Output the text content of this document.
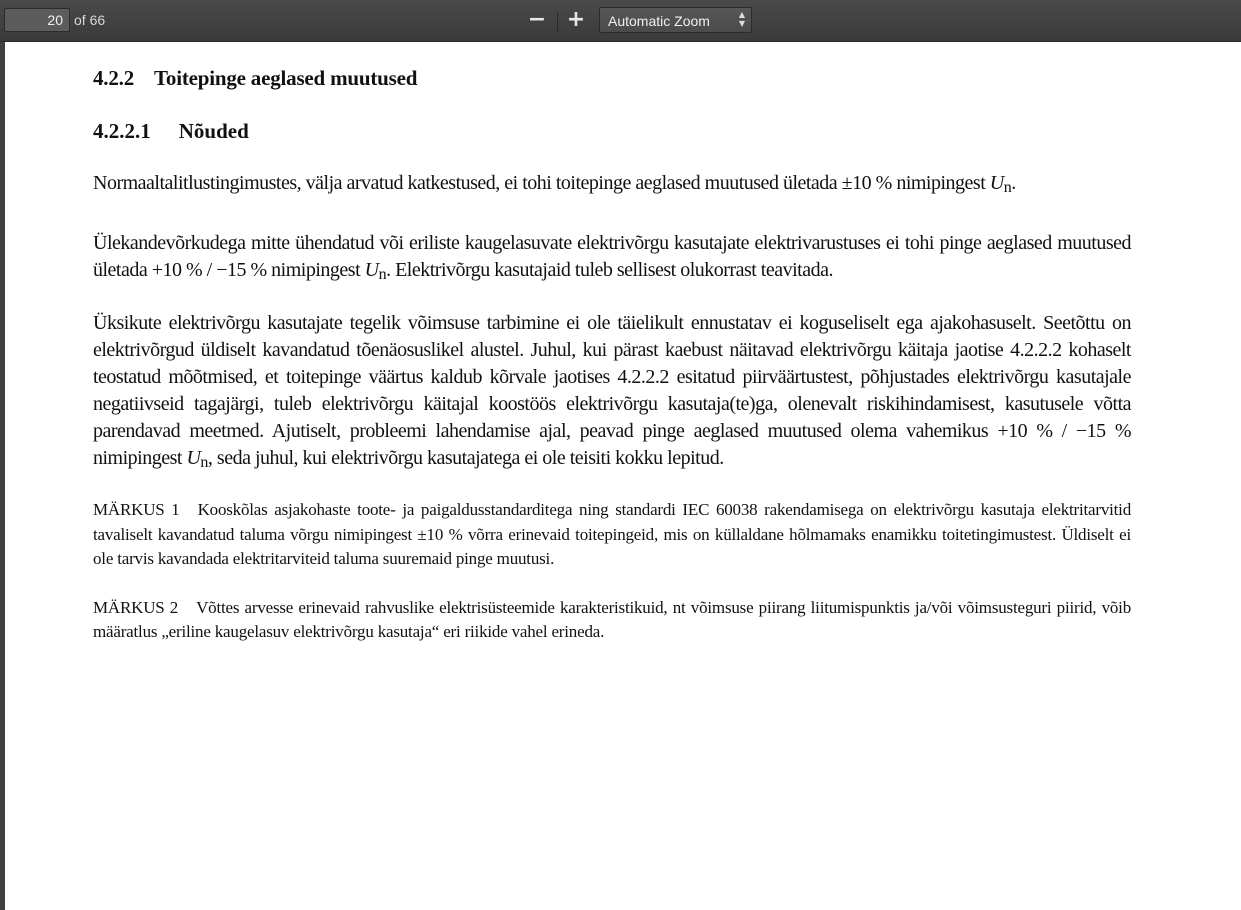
20 of 66	− +	Automatic Zoom	▲
▼
4.2.2 Toitepinge aeglased muutused
4.2.2.1 Nõuded

Normaaltalitlustingimustes, välja arvatud katkestused, ei tohi toitepinge aeglased muutused ületada ±10 % nimipingest $U_n$.

Ülekandevõrkudega mitte ühendatud või eriliste kaugelasuvate elektrivõrgu kasutajate elektrivarustuses ei tohi pinge aeglased muutused ületada +10 % / −15 % nimipingest $U_n$. Elektrivõrgu kasutajaid tuleb sellisest olukorrast teavitada.

Üksikute elektrivõrgu kasutajate tegelik võimsuse tarbimine ei ole täielikult ennustatav ei koguseliselt ega ajakohasuselt. Seetõttu on elektrivõrgud üldiselt kavandatud tõenäosuslikel alustel. Juhul, kui pärast kaebust näitavad elektrivõrgu käitaja jaotise 4.2.2.2 kohaselt teostatud mõõtmised, et toitepinge väärtus kaldub kõrvale jaotises 4.2.2.2 esitatud piirväärtustest, põhjustades elektrivõrgu kasutajale negatiivseid tagajärgi, tuleb elektrivõrgu käitajal koostöös elektrivõrgu kasutaja(te)ga, olenevalt riskihindamisest, kasutusele võtta parendavad meetmed. Ajutiselt, probleemi lahendamise ajal, peavad pinge aeglased muutused olema vahemikus +10 % / −15 % nimipingest $U_n$, seda juhul, kui elektrivõrgu kasutajatega ei ole teisiti kokku lepitud.

MÄRKUS 1 Kooskõlas asjakohaste toote- ja paigaldusstandarditega ning standardi IEC 60038 rakendamisega on elektrivõrgu kasutaja elektritarvitid tavaliselt kavandatud taluma võrgu nimipingest ±10 % võrra erinevaid toitepingeid, mis on küllaldane hõlmamaks enamikku toitetingimustest. Üldiselt ei ole tarvis kavandada elektritarviteid taluma suuremaid pinge muutusi.

MÄRKUS 2 Võttes arvesse erinevaid rahvuslike elektrisüsteemide karakteristikuid, nt võimsuse piirang liitumispunktis ja/või võimsusteguri piirid, võib määratlus „eriline kaugelasuv elektrivõrgu kasutaja“ eri riikide vahel erineda.
